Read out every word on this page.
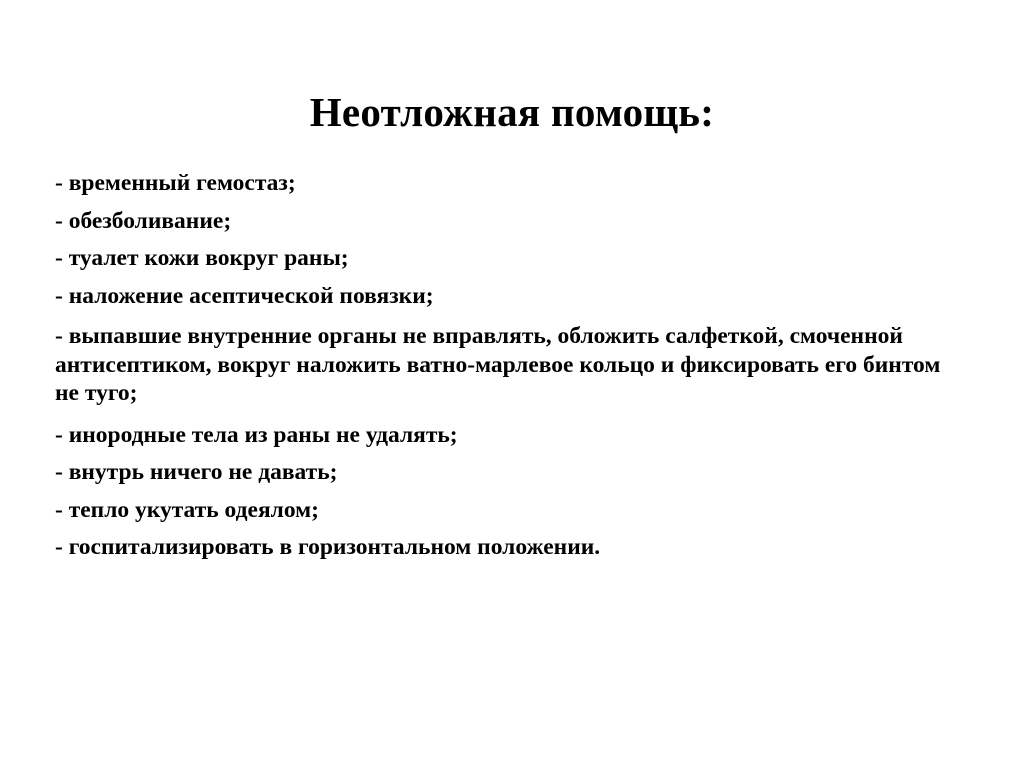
Неотложная помощь:

- временный гемостаз;

- обезболивание;

- туалет кожи вокруг раны;

- наложение асептической повязки;

- выпавшие внутренние органы не вправлять, обложить салфеткой, смоченной антисептиком, вокруг наложить ватно-марлевое кольцо и фиксировать его бинтом не туго;

- инородные тела из раны не удалять;

- внутрь ничего не давать;

- тепло укутать одеялом;

- госпитализировать в горизонтальном положении.
